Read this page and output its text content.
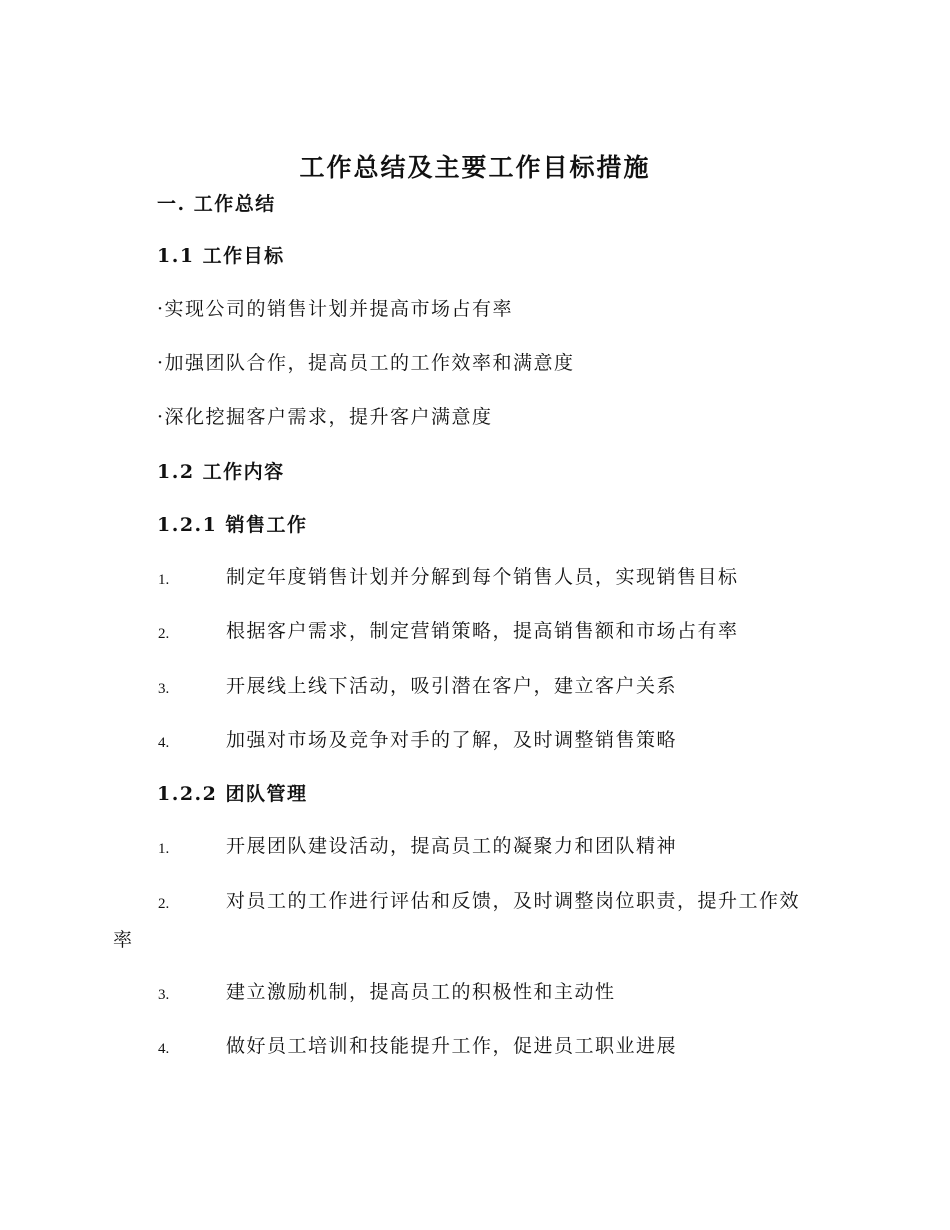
工作总结及主要工作目标措施
一. 工作总结
1.1 工作目标
·实现公司的销售计划并提高市场占有率
·加强团队合作，提高员工的工作效率和满意度
·深化挖掘客户需求，提升客户满意度
1.2 工作内容
1.2.1 销售工作
1.	制定年度销售计划并分解到每个销售人员，实现销售目标
2.	根据客户需求，制定营销策略，提高销售额和市场占有率
3.	开展线上线下活动，吸引潜在客户，建立客户关系
4.	加强对市场及竞争对手的了解，及时调整销售策略
1.2.2 团队管理
1.	开展团队建设活动，提高员工的凝聚力和团队精神
2.	对员工的工作进行评估和反馈，及时调整岗位职责，提升工作效
率
3.	建立激励机制，提高员工的积极性和主动性
4.	做好员工培训和技能提升工作，促进员工职业进展
